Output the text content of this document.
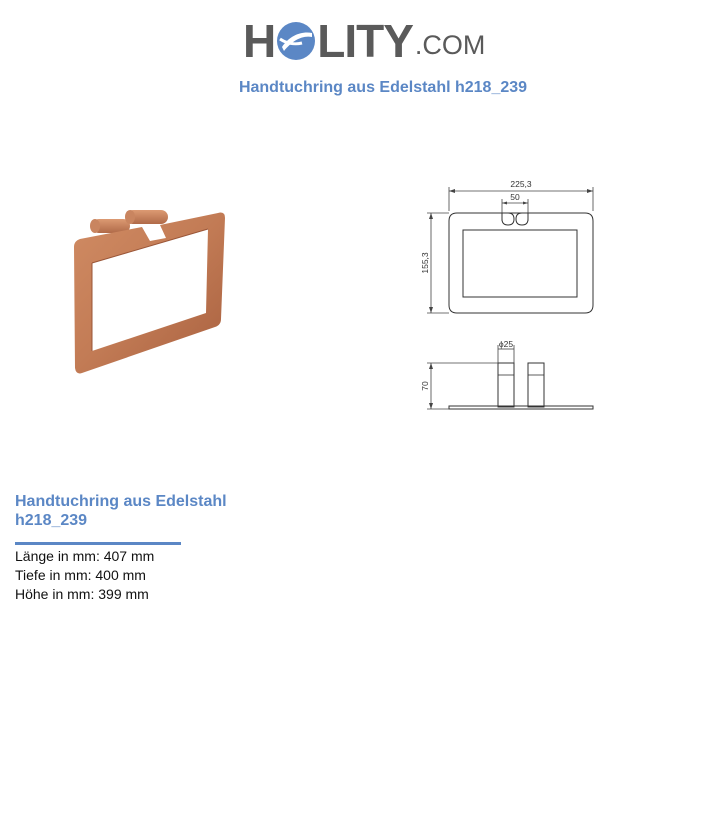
H LITY .COM
Handtuchring aus Edelstahl h218_239
225,3
50
155,3
ϕ25
70
Handtuchring aus Edelstahl h218_239
Länge in mm: 407 mm
Tiefe in mm: 400 mm
Höhe in mm: 399 mm
